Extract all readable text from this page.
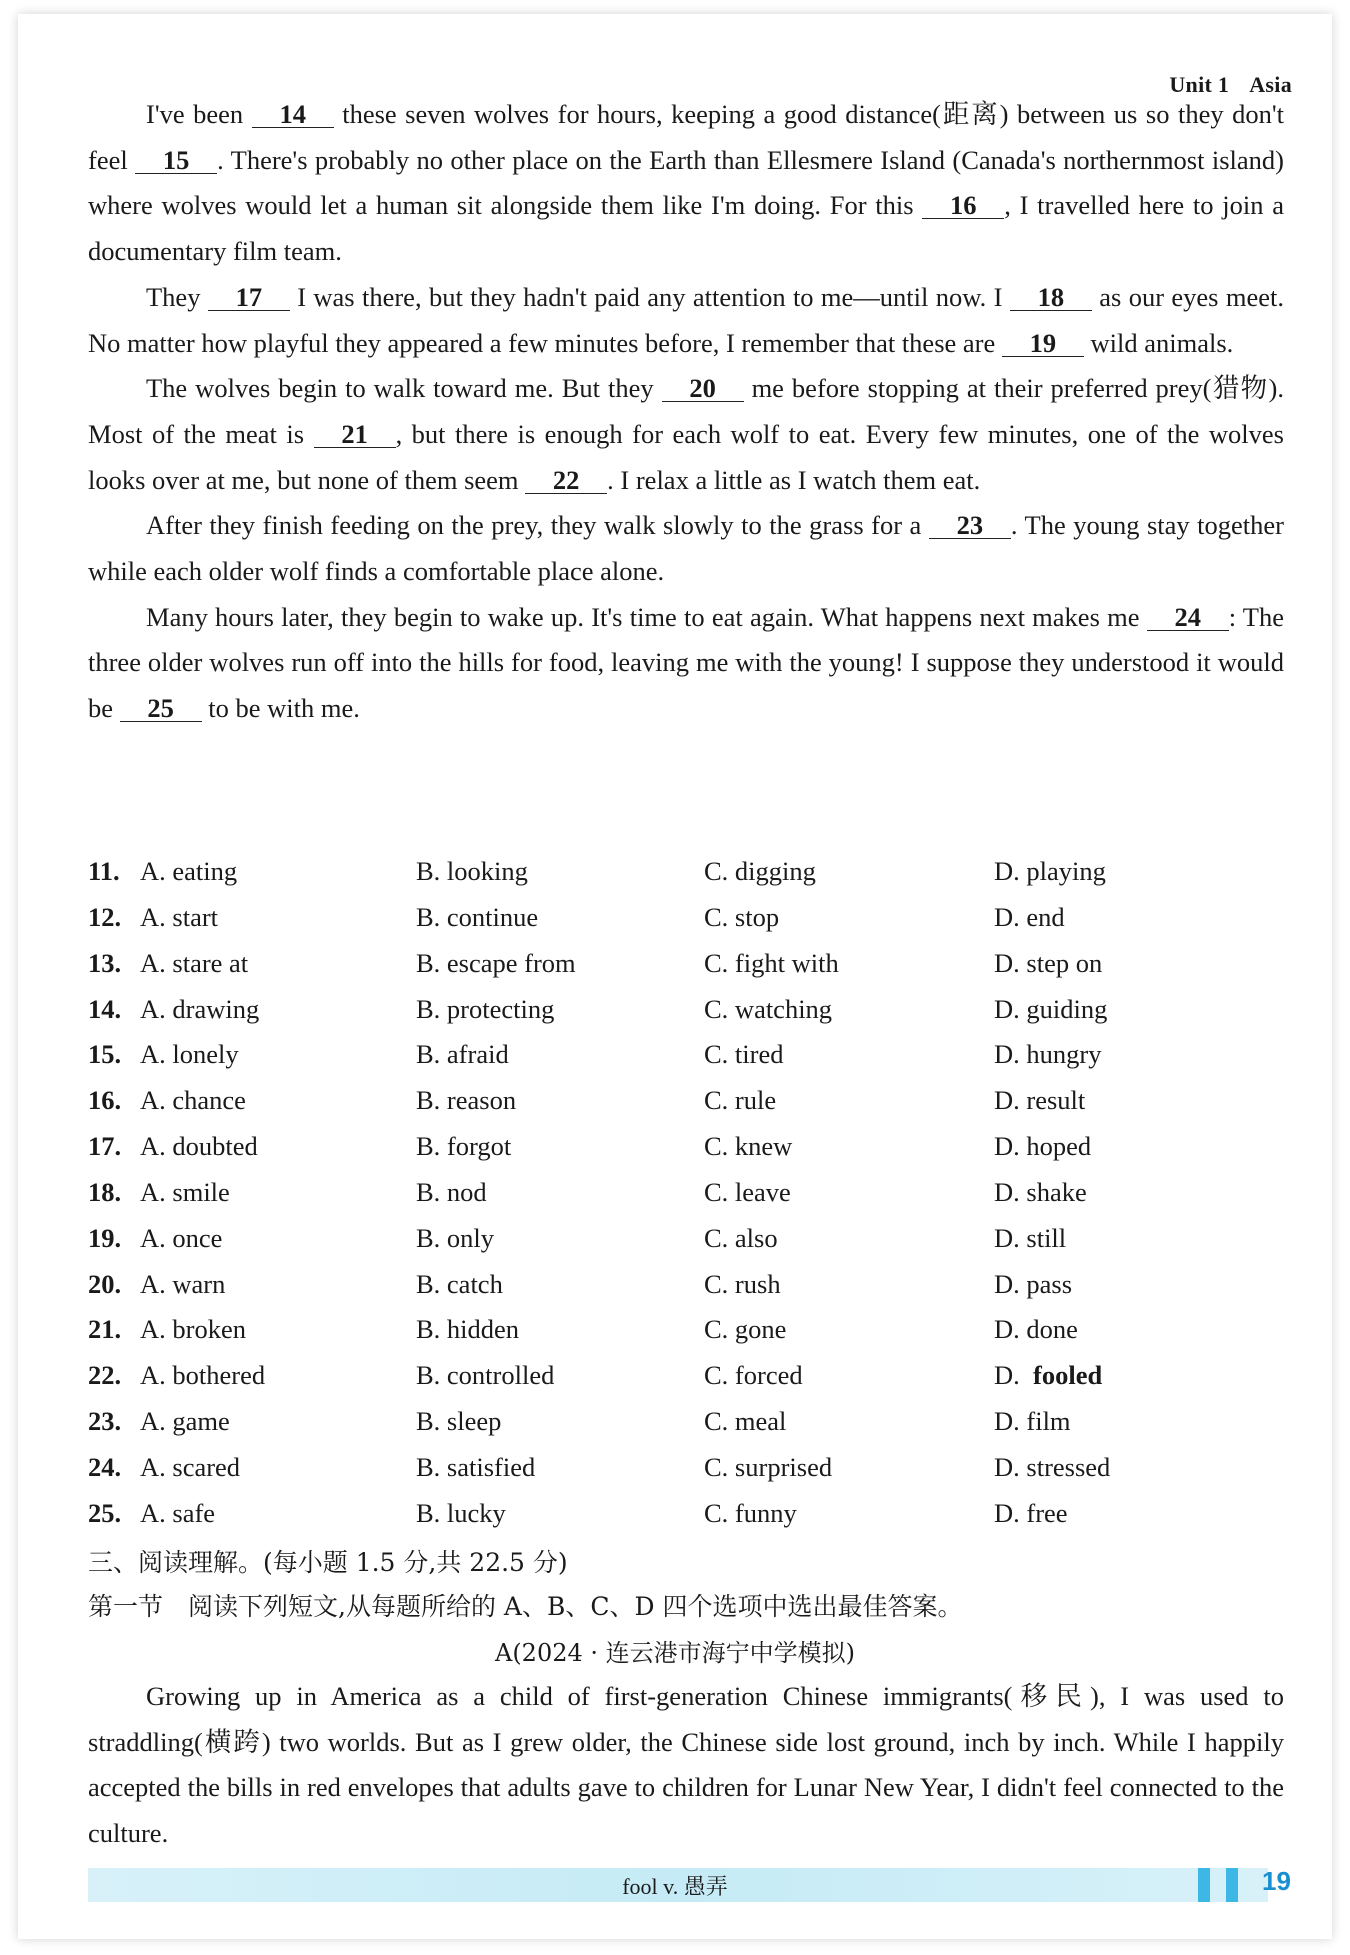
Unit 1 Asia

I've been 14 these seven wolves for hours, keeping a good distance(距离) between us so they don't feel 15 . There's probably no other place on the Earth than Ellesmere Island (Canada's northernmost island) where wolves would let a human sit alongside them like I'm doing. For this 16 , I travelled here to join a documentary film team.

They 17 I was there, but they hadn't paid any attention to me—until now. I 18 as our eyes meet. No matter how playful they appeared a few minutes before, I remember that these are 19 wild animals.

The wolves begin to walk toward me. But they 20 me before stopping at their preferred prey(猎物). Most of the meat is 21 , but there is enough for each wolf to eat. Every few minutes, one of the wolves looks over at me, but none of them seem 22 . I relax a little as I watch them eat.

After they finish feeding on the prey, they walk slowly to the grass for a 23 . The young stay together while each older wolf finds a comfortable place alone.

Many hours later, they begin to wake up. It's time to eat again. What happens next makes me 24 : The three older wolves run off into the hills for food, leaving me with the young! I suppose they understood it would be 25 to be with me.

11. A. eating	B. looking	C. digging	D. playing
12. A. start	B. continue	C. stop	D. end
13. A. stare at	B. escape from	C. fight with	D. step on
14. A. drawing	B. protecting	C. watching	D. guiding
15. A. lonely	B. afraid	C. tired	D. hungry
16. A. chance	B. reason	C. rule	D. result
17. A. doubted	B. forgot	C. knew	D. hoped
18. A. smile	B. nod	C. leave	D. shake
19. A. once	B. only	C. also	D. still
20. A. warn	B. catch	C. rush	D. pass
21. A. broken	B. hidden	C. gone	D. done
22. A. bothered	B. controlled	C. forced	D.  fooled
23. A. game	B. sleep	C. meal	D. film
24. A. scared	B. satisfied	C. surprised	D. stressed
25. A. safe	B. lucky	C. funny	D. free
三、阅读理解。(每小题 1.5 分,共 22.5 分)
第一节　阅读下列短文,从每题所给的 A、B、C、D 四个选项中选出最佳答案。
A(2024 · 连云港市海宁中学模拟)

Growing up in America as a child of first-generation Chinese immigrants(移民), I was used to straddling(横跨) two worlds. But as I grew older, the Chinese side lost ground, inch by inch. While I happily accepted the bills in red envelopes that adults gave to children for Lunar New Year, I didn't feel connected to the culture.

fool v. 愚弄	19
